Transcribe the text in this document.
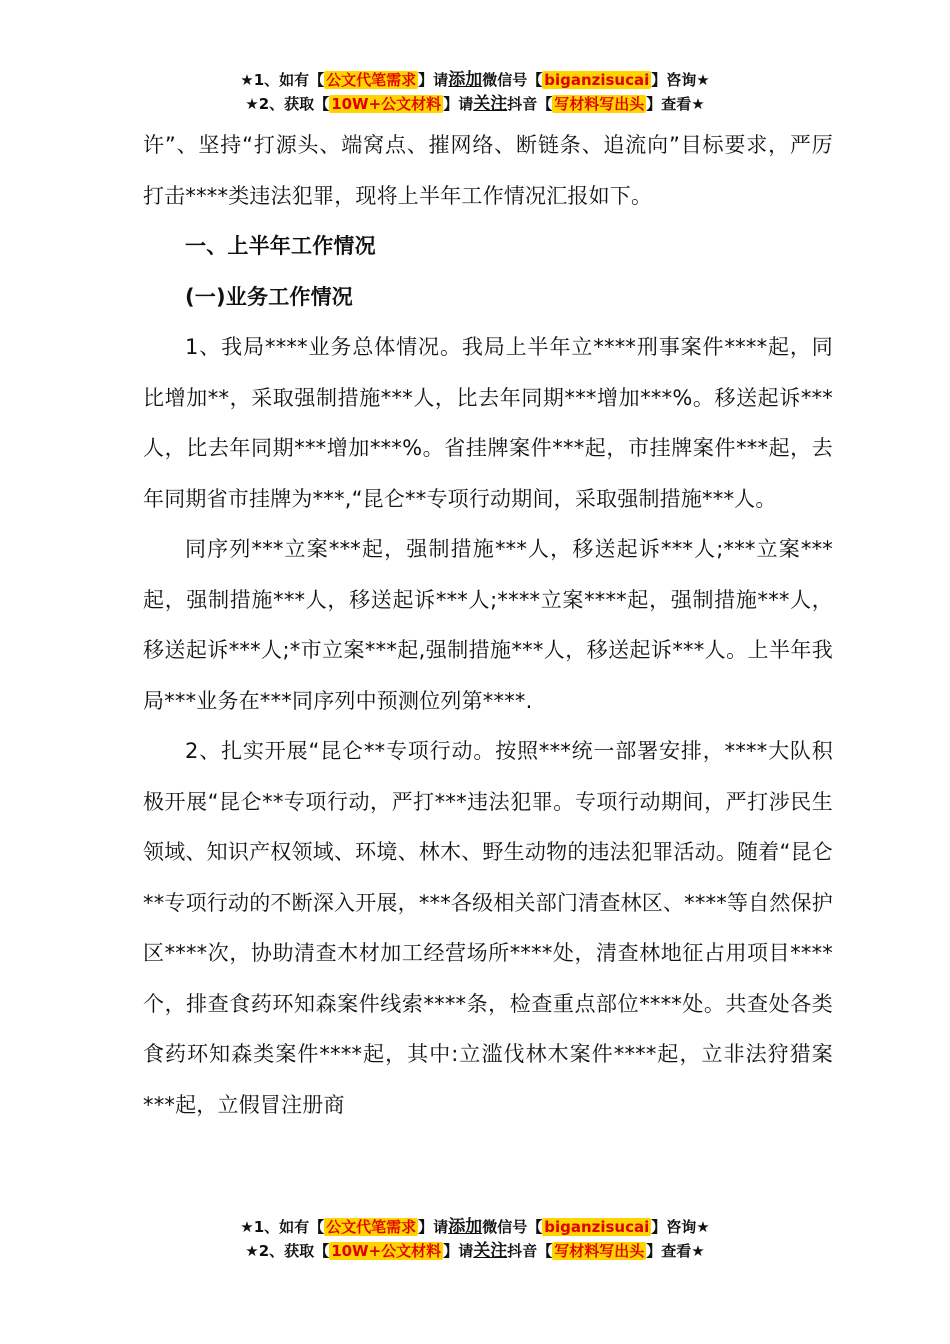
★1、如有【 公文代笔需求 】请添加微信号【 biganzisucai 】咨询★
★2、获取【 10W+公文材料 】请关注抖音【 写材料写出头 】查看★

许”、坚持“打源头、端窝点、摧网络、断链条、追流向”目标要求，严厉打击****类违法犯罪，现将上半年工作情况汇报如下。

一、上半年工作情况

(一)业务工作情况

1、我局****业务总体情况。我局上半年立****刑事案件****起，同比增加**，采取强制措施***人，比去年同期***增加***%。移送起诉***人，比去年同期***增加***%。省挂牌案件***起，市挂牌案件***起，去年同期省市挂牌为***,“昆仑**专项行动期间，采取强制措施***人。

同序列***立案***起，强制措施***人，移送起诉***人;***立案***起，强制措施***人，移送起诉***人;****立案****起，强制措施***人，移送起诉***人;*市立案***起,强制措施***人，移送起诉***人。上半年我局***业务在***同序列中预测位列第****.

2、扎实开展“昆仑**专项行动。按照***统一部署安排，****大队积极开展“昆仑**专项行动，严打***违法犯罪。专项行动期间，严打涉民生领域、知识产权领域、环境、林木、野生动物的违法犯罪活动。随着“昆仑**专项行动的不断深入开展，***各级相关部门清查林区、****等自然保护区****次，协助清查木材加工经营场所****处，清查林地征占用项目****个，排查食药环知森案件线索****条，检查重点部位****处。共查处各类食药环知森类案件****起，其中:立滥伐林木案件****起，立非法狩猎案***起，立假冒注册商

★1、如有【 公文代笔需求 】请添加微信号【 biganzisucai 】咨询★
★2、获取【 10W+公文材料 】请关注抖音【 写材料写出头 】查看★
